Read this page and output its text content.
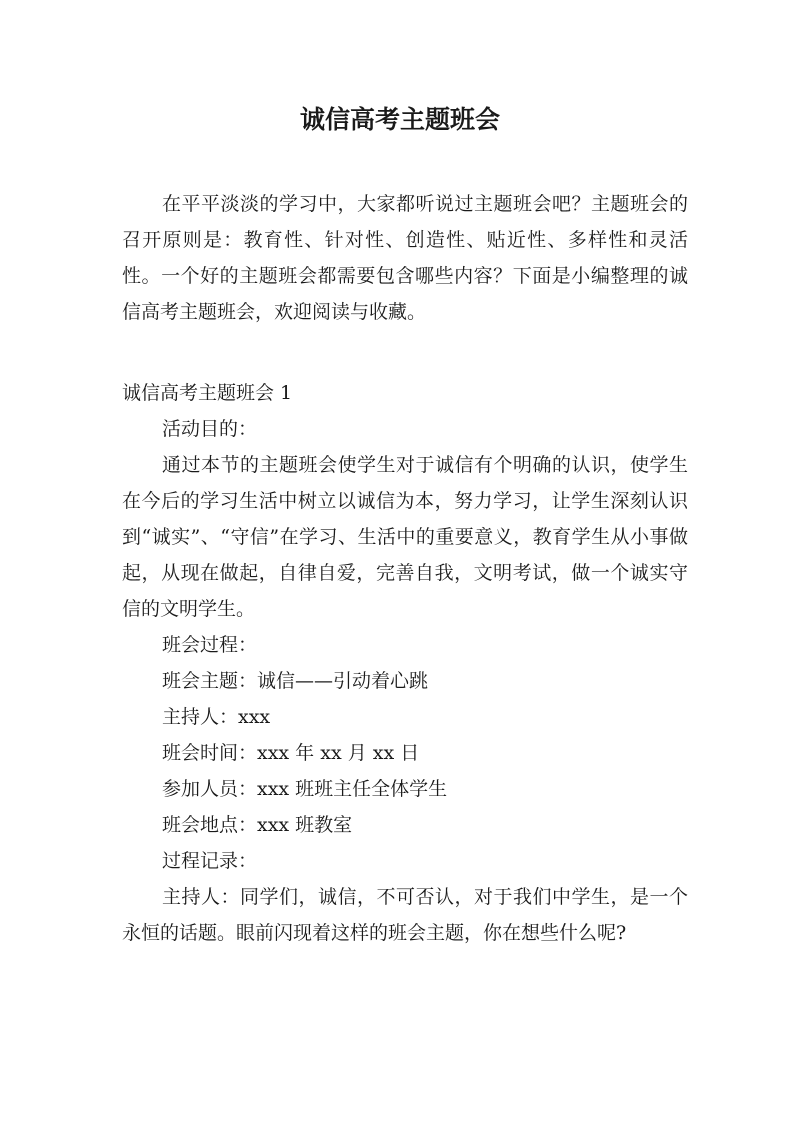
诚信高考主题班会

在平平淡淡的学习中，大家都听说过主题班会吧？主题班会的召开原则是：教育性、针对性、创造性、贴近性、多样性和灵活性。一个好的主题班会都需要包含哪些内容？下面是小编整理的诚信高考主题班会，欢迎阅读与收藏。

诚信高考主题班会 1

活动目的：

通过本节的主题班会使学生对于诚信有个明确的认识，使学生在今后的学习生活中树立以诚信为本，努力学习，让学生深刻认识到“诚实”、“守信”在学习、生活中的重要意义，教育学生从小事做起，从现在做起，自律自爱，完善自我，文明考试，做一个诚实守信的文明学生。

班会过程：

班会主题：诚信——引动着心跳

主持人：xxx

班会时间：xxx 年 xx 月 xx 日

参加人员：xxx 班班主任全体学生

班会地点：xxx 班教室

过程记录：

主持人：同学们，诚信，不可否认，对于我们中学生，是一个永恒的话题。眼前闪现着这样的班会主题，你在想些什么呢?
